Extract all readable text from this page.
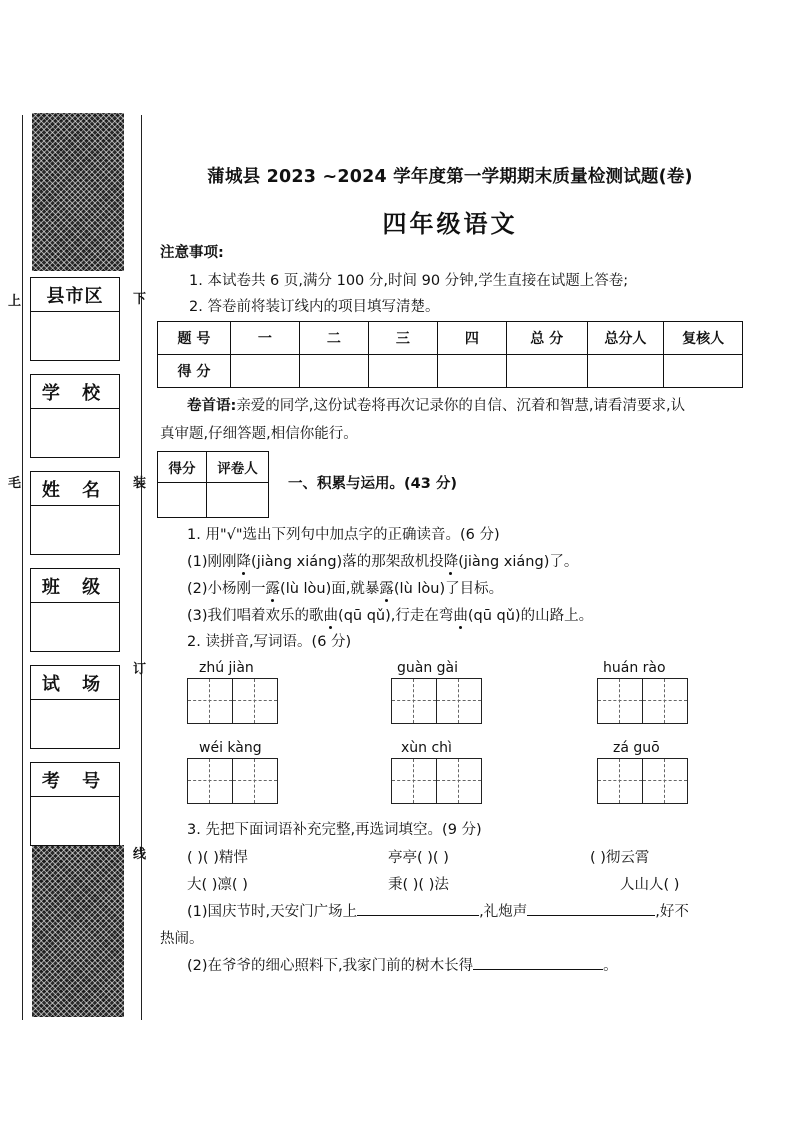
上
毛
下
装
订
线
县市区
学 校
姓 名
班 级
试 场
考 号
蒲城县 2023 ~2024 学年度第一学期期末质量检测试题(卷)
四年级语文
注意事项:
1. 本试卷共 6 页,满分 100 分,时间 90 分钟,学生直接在试题上答卷;
2. 答卷前将装订线内的项目填写清楚。
题 号	一	二	三	四	总 分	总分人	复核人
得 分							
卷首语:亲爱的同学,这份试卷将再次记录你的自信、沉着和智慧,请看清要求,认
真审题,仔细答题,相信你能行。
得分	评卷人

一、积累与运用。(43 分)
1. 用"√"选出下列句中加点字的正确读音。(6 分)
(1)刚刚降(jiàng xiáng)落的那架敌机投降(jiàng xiáng)了。
(2)小杨刚一露(lù lòu)面,就暴露(lù lòu)了目标。
(3)我们唱着欢乐的歌曲(qū qǔ),行走在弯曲(qū qǔ)的山路上。
2. 读拼音,写词语。(6 分)
zhú jiàn	guàn gài	huán rào
wéi kàng	xùn chì	zá guō
3. 先把下面词语补充完整,再选词填空。(9 分)
( )( )精悍	亭亭( )( )	( )彻云霄
大( )凛( )	秉( )( )法	人山人( )
(1)国庆节时,天安门广场上	,礼炮声	,好不
热闹。
(2)在爷爷的细心照料下,我家门前的树木长得	。
